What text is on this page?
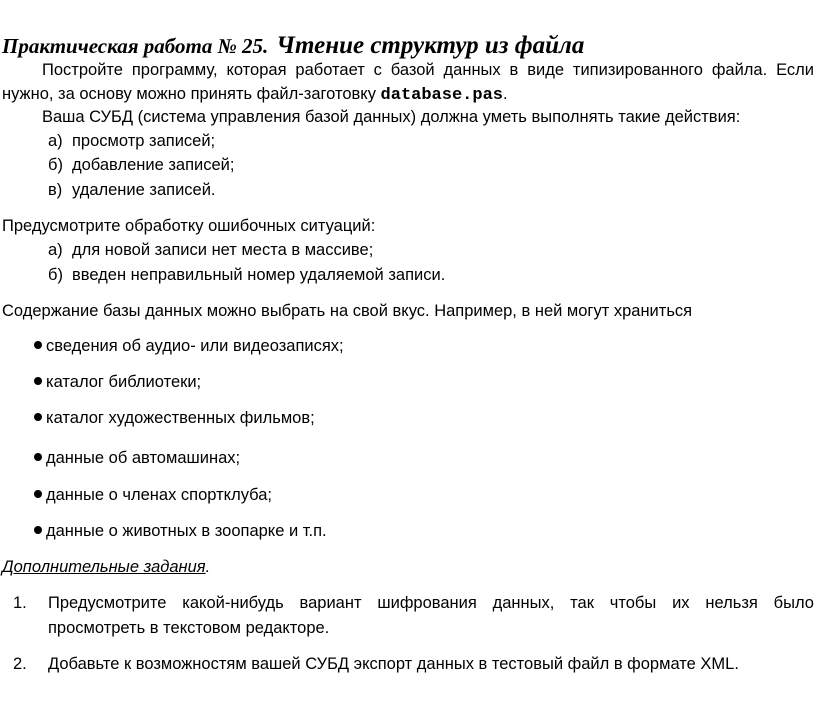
Практическая работа № 25. Чтение структур из файла

Постройте программу, которая работает с базой данных в виде типизированного файла. Если

нужно, за основу можно принять файл-заготовку database.pas.

Ваша СУБД (система управления базой данных) должна уметь выполнять такие действия:

а) просмотр записей;

б) добавление записей;

в) удаление записей.

Предусмотрите обработку ошибочных ситуаций:

а) для новой записи нет места в массиве;

б) введен неправильный номер удаляемой записи.

Содержание базы данных можно выбрать на свой вкус. Например, в ней могут храниться

сведения об аудио- или видеозаписях;

каталог библиотеки;

каталог художественных фильмов;

данные об автомашинах;

данные о членах спортклуба;

данные о животных в зоопарке и т.п.

Дополнительные задания.

1. Предусмотрите какой-нибудь вариант шифрования данных, так чтобы их нельзя было

просмотреть в текстовом редакторе.

2. Добавьте к возможностям вашей СУБД экспорт данных в тестовый файл в формате XML.
